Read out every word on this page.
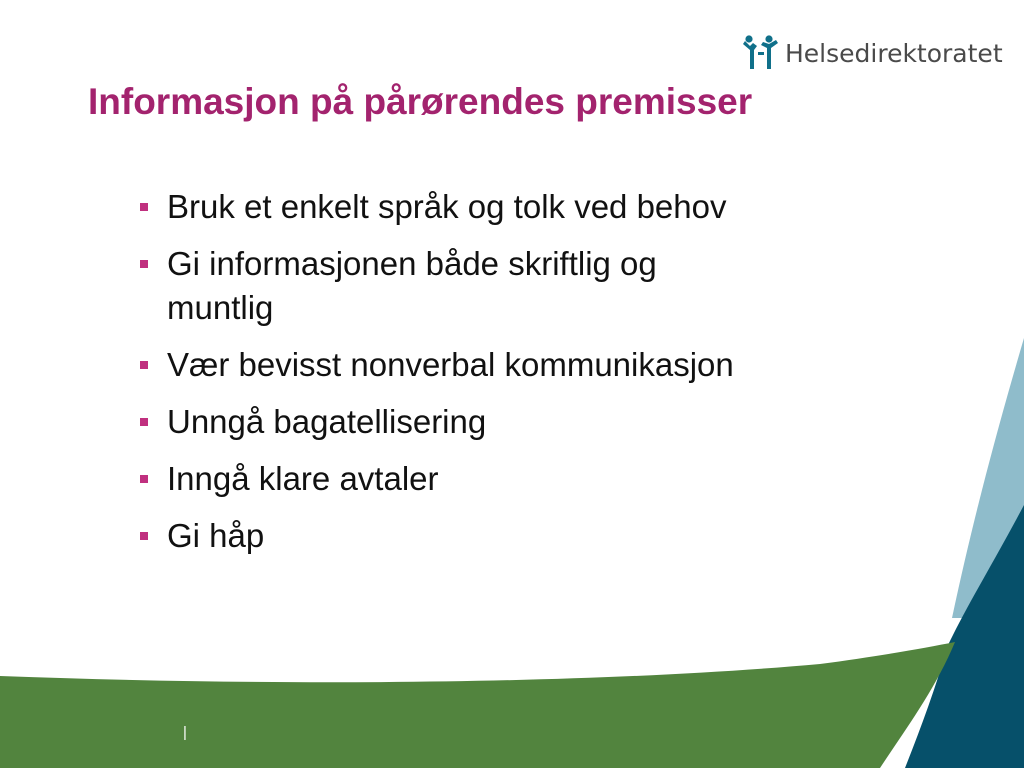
Helsedirektoratet
Informasjon på pårørendes premisser
Bruk et enkelt språk og tolk ved behov
Gi informasjonen både skriftlig og muntlig
Vær bevisst nonverbal kommunikasjon
Unngå bagatellisering
Inngå klare avtaler
Gi håp
|
